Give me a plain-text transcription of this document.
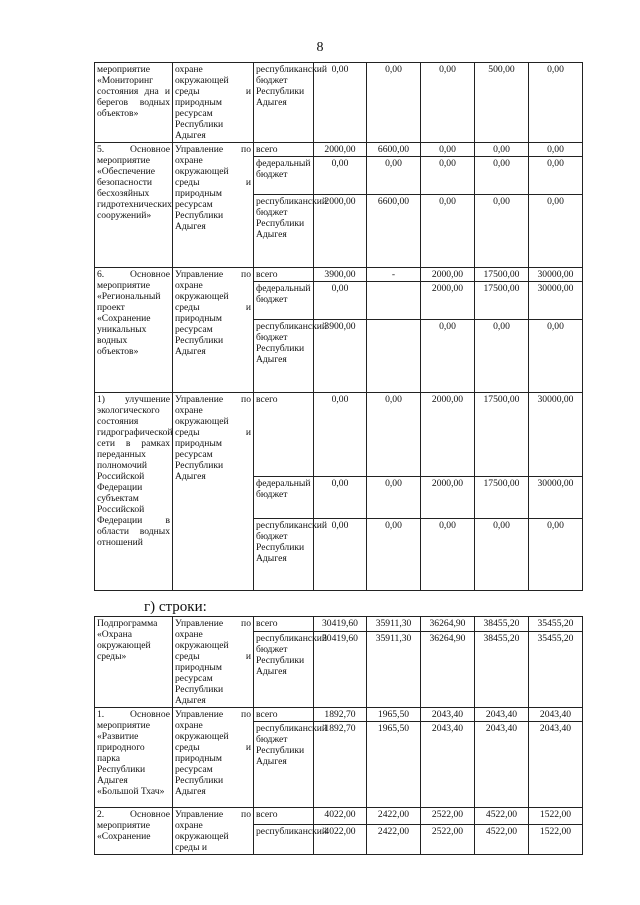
8
мероприятие «Мониторинг состояния дна и берегов водных объектов»	охране окружающей среды и природным ресурсам Республики Адыгея	республиканский бюджет Республики Адыгея	0,00	0,00	0,00	500,00	0,00
5. Основное мероприятие «Обеспечение безопасности бесхозяйных гидротехнических сооружений»	Управление по охране окружающей среды и природным ресурсам Республики Адыгея	всего	2000,00	6600,00	0,00	0,00	0,00
		федеральный бюджет	0,00	0,00	0,00	0,00	0,00
		республиканский бюджет Республики Адыгея	2000,00	6600,00	0,00	0,00	0,00
6. Основное мероприятие «Региональный проект «Сохранение уникальных водных объектов»	Управление по охране окружающей среды и природным ресурсам Республики Адыгея	всего	3900,00	-	2000,00	17500,00	30000,00
		федеральный бюджет	0,00		2000,00	17500,00	30000,00
		республиканский бюджет Республики Адыгея	3900,00		0,00	0,00	0,00
1) улучшение экологического состояния гидрографической сети в рамках переданных полномочий Российской Федерации субъектам Российской Федерации в области водных отношений	Управление по охране окружающей среды и природным ресурсам Республики Адыгея	всего	0,00	0,00	2000,00	17500,00	30000,00
		федеральный бюджет	0,00	0,00	2000,00	17500,00	30000,00
		республиканский бюджет Республики Адыгея	0,00	0,00	0,00	0,00	0,00
г) строки:
Подпрограмма «Охрана окружающей среды»	Управление по охране окружающей среды и природным ресурсам Республики Адыгея	всего	30419,60	35911,30	36264,90	38455,20	35455,20
		республиканский бюджет Республики Адыгея	30419,60	35911,30	36264,90	38455,20	35455,20
1. Основное мероприятие «Развитие природного парка Республики Адыгея «Большой Тхач»	Управление по охране окружающей среды и природным ресурсам Республики Адыгея	всего	1892,70	1965,50	2043,40	2043,40	2043,40
		республиканский бюджет Республики Адыгея	1892,70	1965,50	2043,40	2043,40	2043,40
2. Основное мероприятие «Сохранение	Управление по охране окружающей среды и	всего	4022,00	2422,00	2522,00	4522,00	1522,00
		республиканский	4022,00	2422,00	2522,00	4522,00	1522,00
